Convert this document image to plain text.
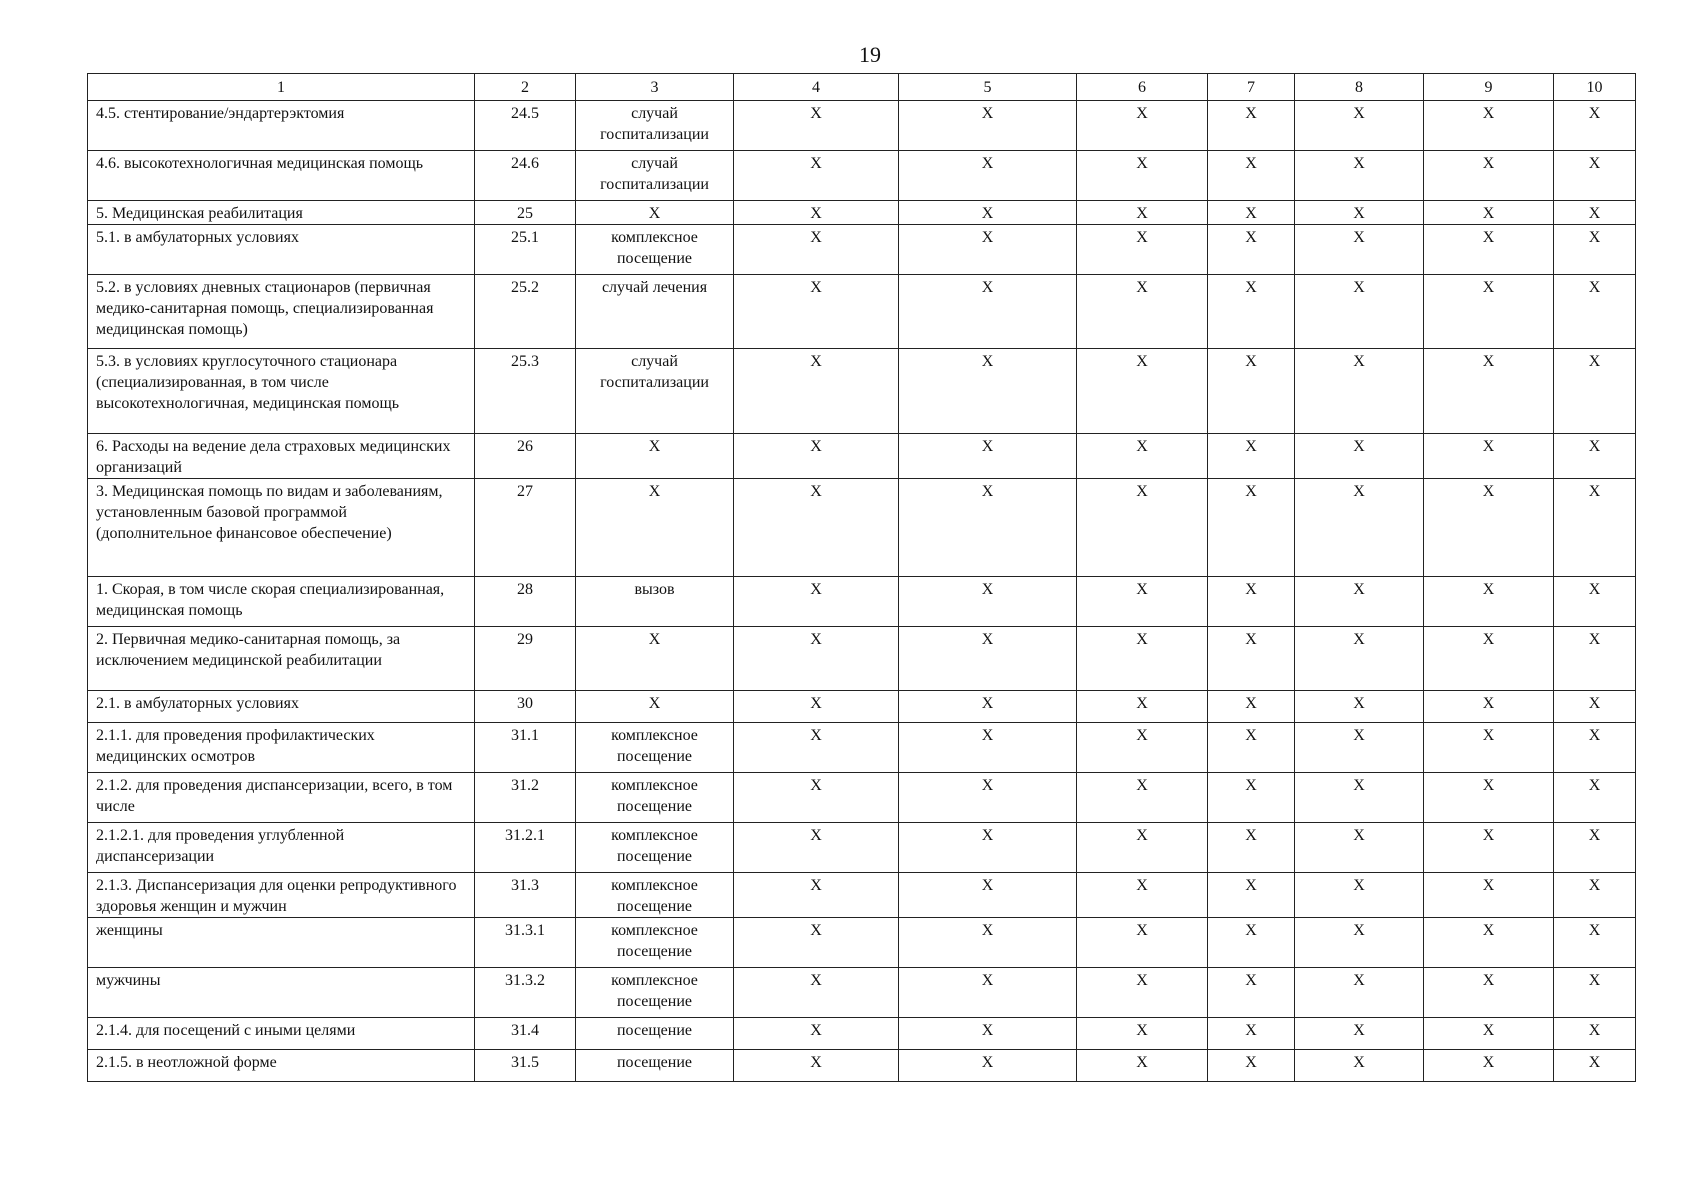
19
1	2	3	4	5	6	7	8	9	10
4.5. стентирование/эндартерэктомия	24.5	случай госпитализации	Х	Х	Х	Х	Х	Х	Х
4.6. высокотехнологичная медицинская помощь	24.6	случай госпитализации	Х	Х	Х	Х	Х	Х	Х
5. Медицинская реабилитация	25	Х	Х	Х	Х	Х	Х	Х	Х
5.1. в амбулаторных условиях	25.1	комплексное посещение	Х	Х	Х	Х	Х	Х	Х
5.2. в условиях дневных стационаров (первичная медико-санитарная помощь, специализированная медицинская помощь)	25.2	случай лечения	Х	Х	Х	Х	Х	Х	Х
5.3. в условиях круглосуточного стационара (специализированная, в том числе высокотехнологичная, медицинская помощь	25.3	случай госпитализации	Х	Х	Х	Х	Х	Х	Х
6. Расходы на ведение дела страховых медицинских организаций	26	Х	Х	Х	Х	Х	Х	Х	Х
3. Медицинская помощь по видам и заболеваниям, установленным базовой программой (дополнительное финансовое обеспечение)	27	Х	Х	Х	Х	Х	Х	Х	Х
1. Скорая, в том числе скорая специализированная, медицинская помощь	28	вызов	Х	Х	Х	Х	Х	Х	Х
2. Первичная медико-санитарная помощь, за исключением медицинской реабилитации	29	Х	Х	Х	Х	Х	Х	Х	Х
2.1. в амбулаторных условиях	30	Х	Х	Х	Х	Х	Х	Х	Х
2.1.1. для проведения профилактических медицинских осмотров	31.1	комплексное посещение	Х	Х	Х	Х	Х	Х	Х
2.1.2. для проведения диспансеризации, всего, в том числе	31.2	комплексное посещение	Х	Х	Х	Х	Х	Х	Х
2.1.2.1. для проведения углубленной диспансеризации	31.2.1	комплексное посещение	Х	Х	Х	Х	Х	Х	Х
2.1.3. Диспансеризация для оценки репродуктивного здоровья женщин и мужчин	31.3	комплексное посещение	Х	Х	Х	Х	Х	Х	Х
женщины	31.3.1	комплексное посещение	Х	Х	Х	Х	Х	Х	Х
мужчины	31.3.2	комплексное посещение	Х	Х	Х	Х	Х	Х	Х
2.1.4. для посещений с иными целями	31.4	посещение	Х	Х	Х	Х	Х	Х	Х
2.1.5. в неотложной форме	31.5	посещение	Х	Х	Х	Х	Х	Х	Х
